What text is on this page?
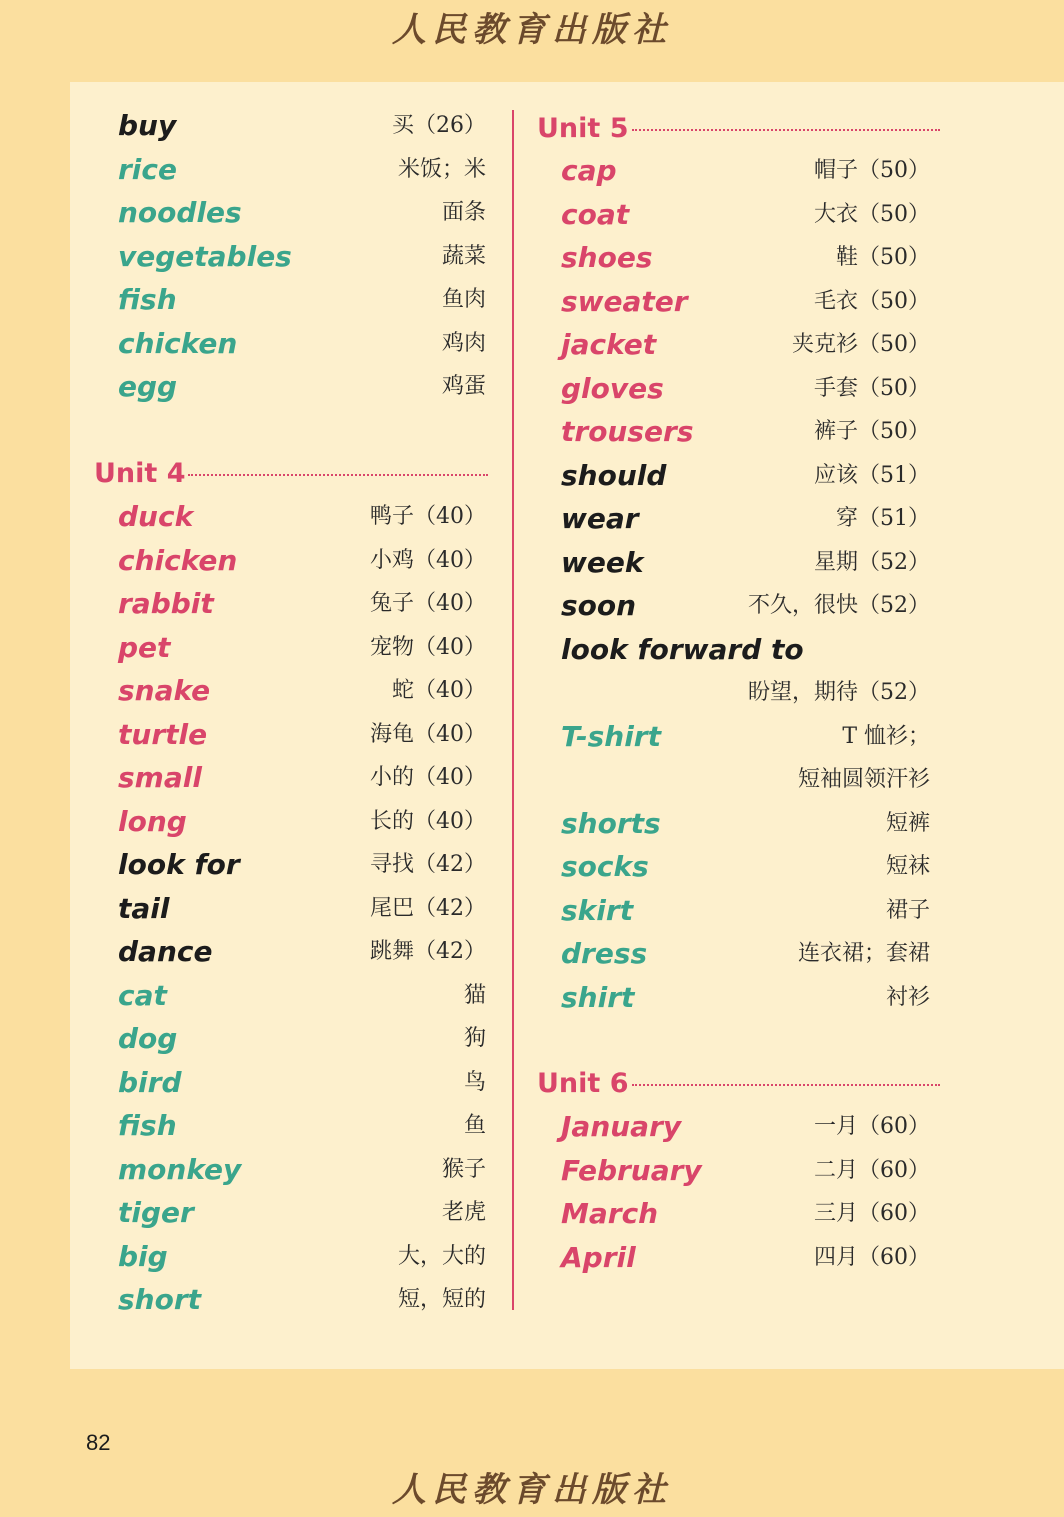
人民教育出版社
Unit 4
buy	买（26）
rice	米饭；米
noodles	面条
vegetables	蔬菜
fish	鱼肉
chicken	鸡肉
egg	鸡蛋
duck	鸭子（40）
chicken	小鸡（40）
rabbit	兔子（40）
pet	宠物（40）
snake	蛇（40）
turtle	海龟（40）
small	小的（40）
long	长的（40）
look for	寻找（42）
tail	尾巴（42）
dance	跳舞（42）
cat	猫
dog	狗
bird	鸟
fish	鱼
monkey	猴子
tiger	老虎
big	大，大的
short	短，短的
Unit 5
Unit 6
cap	帽子（50）
coat	大衣（50）
shoes	鞋（50）
sweater	毛衣（50）
jacket	夹克衫（50）
gloves	手套（50）
trousers	裤子（50）
should	应该（51）
wear	穿（51）
week	星期（52）
soon	不久，很快（52）
look forward to
盼望，期待（52）
T-shirt	T 恤衫；
短袖圆领汗衫
shorts	短裤
socks	短袜
skirt	裙子
dress	连衣裙；套裙
shirt	衬衫
January	一月（60）
February	二月（60）
March	三月（60）
April	四月（60）
82
人民教育出版社
